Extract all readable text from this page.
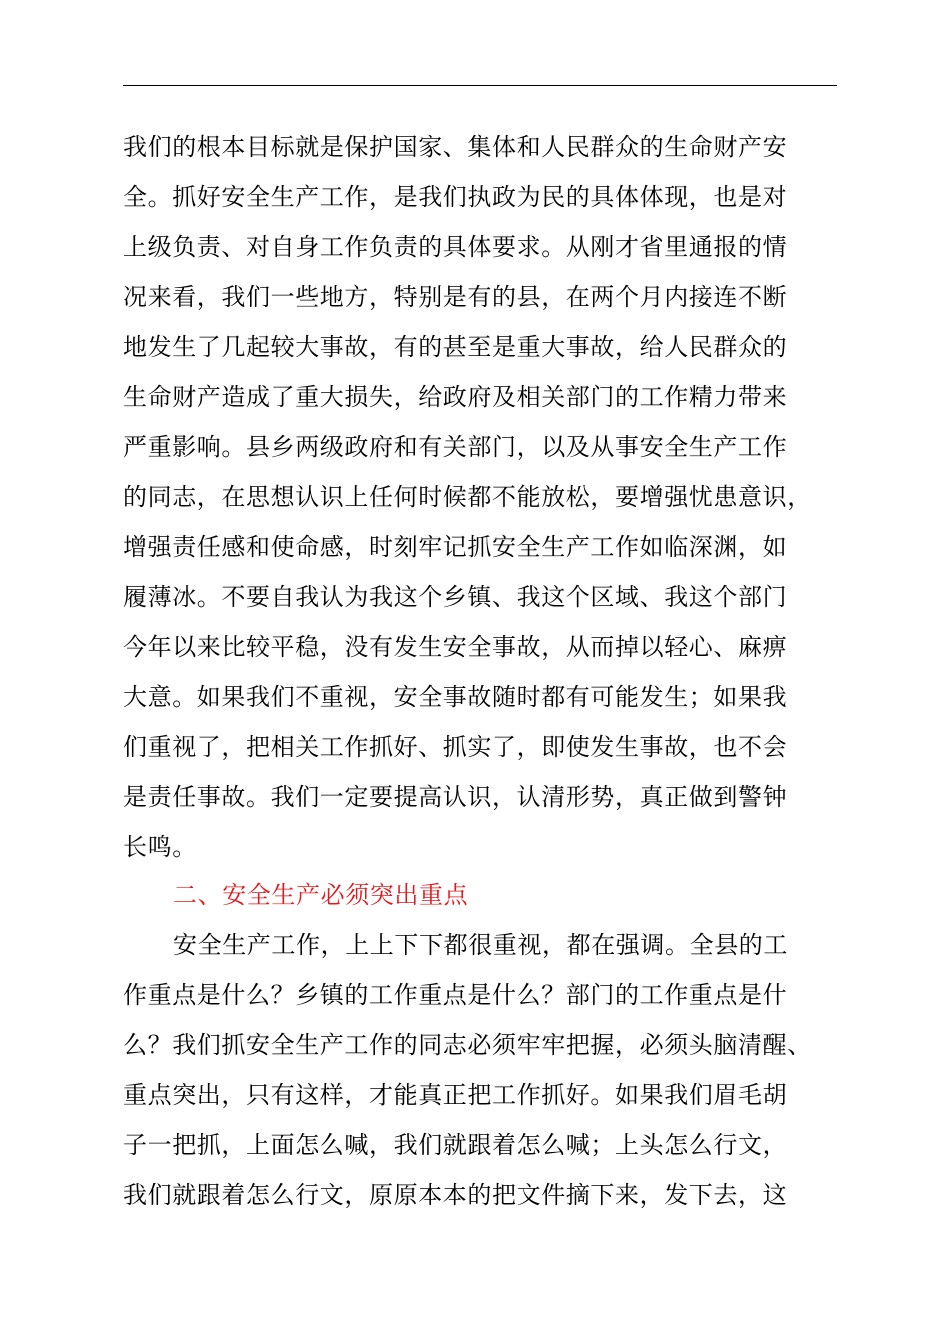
我们的根本目标就是保护国家、集体和人民群众的生命财产安
全。抓好安全生产工作，是我们执政为民的具体体现，也是对
上级负责、对自身工作负责的具体要求。从刚才省里通报的情
况来看，我们一些地方，特别是有的县，在两个月内接连不断
地发生了几起较大事故，有的甚至是重大事故，给人民群众的
生命财产造成了重大损失，给政府及相关部门的工作精力带来
严重影响。县乡两级政府和有关部门，以及从事安全生产工作
的同志，在思想认识上任何时候都不能放松，要增强忧患意识，
增强责任感和使命感，时刻牢记抓安全生产工作如临深渊，如
履薄冰。不要自我认为我这个乡镇、我这个区域、我这个部门
今年以来比较平稳，没有发生安全事故，从而掉以轻心、麻痹
大意。如果我们不重视，安全事故随时都有可能发生；如果我
们重视了，把相关工作抓好、抓实了，即使发生事故，也不会
是责任事故。我们一定要提高认识，认清形势，真正做到警钟
长鸣。
二、安全生产必须突出重点
安全生产工作，上上下下都很重视，都在强调。全县的工
作重点是什么？乡镇的工作重点是什么？部门的工作重点是什
么？我们抓安全生产工作的同志必须牢牢把握，必须头脑清醒、
重点突出，只有这样，才能真正把工作抓好。如果我们眉毛胡
子一把抓，上面怎么喊，我们就跟着怎么喊；上头怎么行文，
我们就跟着怎么行文，原原本本的把文件摘下来，发下去，这
